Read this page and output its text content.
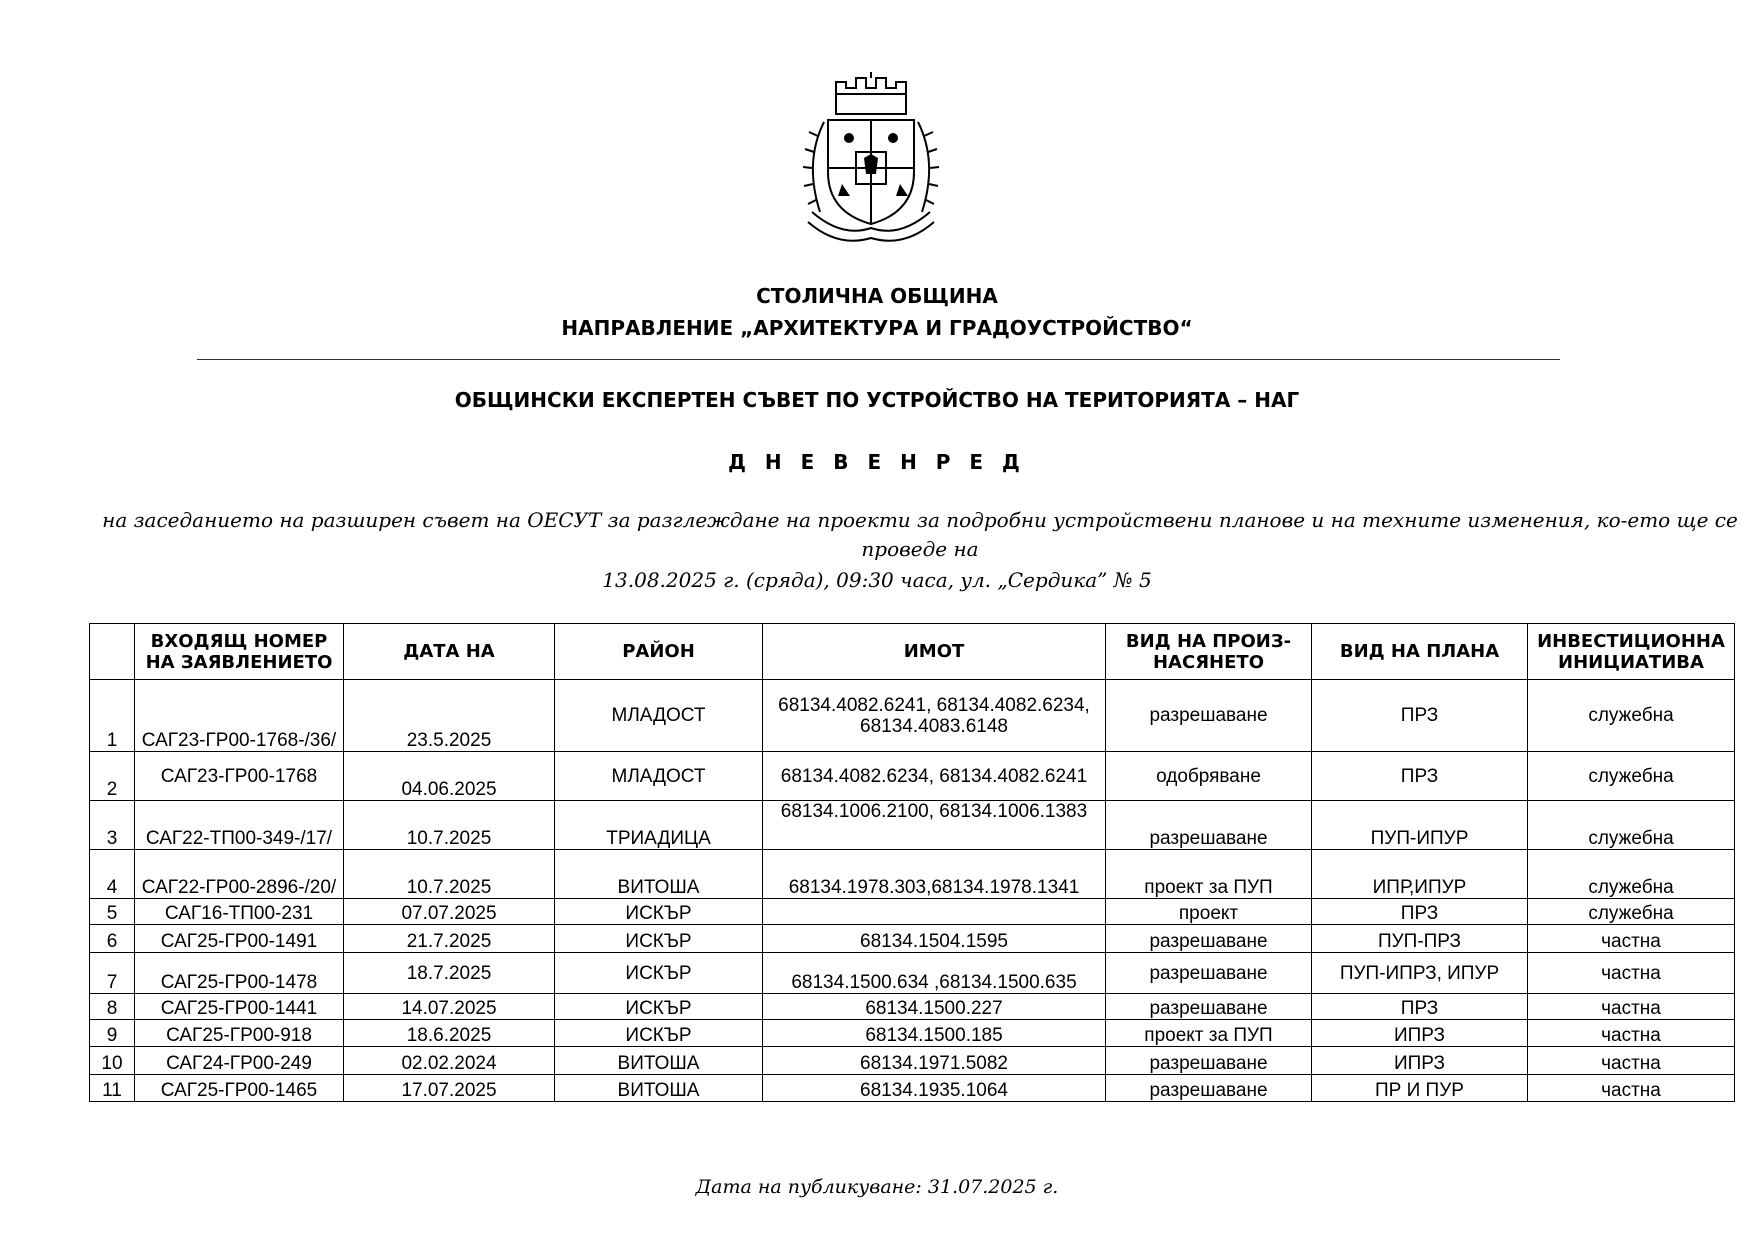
СТОЛИЧНА ОБЩИНА
НАПРАВЛЕНИЕ „АРХИТЕКТУРА И ГРАДОУСТРОЙСТВО“
ОБЩИНСКИ ЕКСПЕРТЕН СЪВЕТ ПО УСТРОЙСТВО НА ТЕРИТОРИЯТА – НАГ
Д Н Е В Е Н Р Е Д
на заседанието на разширен съвет на ОЕСУТ за разглеждане на проекти за подробни устройствени планове и на техните изменения, ко-ето ще се проведе на
13.08.2025 г. (сряда), 09:30 часа, ул. „Сердика” № 5
	ВХОДЯЩ НОМЕР НА ЗАЯВЛЕНИЕТО	ДАТА НА	РАЙОН	ИМОТ	ВИД НА ПРОИЗ-НАСЯНЕТО	ВИД НА ПЛАНА	ИНВЕСТИЦИОННА ИНИЦИАТИВА
1	САГ23-ГР00-1768-/36/	23.5.2025	МЛАДОСТ	68134.4082.6241, 68134.4082.6234, 68134.4083.6148	разрешаване	ПРЗ	служебна
2	САГ23-ГР00-1768	04.06.2025	МЛАДОСТ	68134.4082.6234, 68134.4082.6241	одобряване	ПРЗ	служебна
3	САГ22-ТП00-349-/17/	10.7.2025	ТРИАДИЦА	68134.1006.2100, 68134.1006.1383	разрешаване	ПУП-ИПУР	служебна
4	САГ22-ГР00-2896-/20/	10.7.2025	ВИТОША	68134.1978.303,68134.1978.1341	проект за ПУП	ИПР,ИПУР	служебна
5	САГ16-ТП00-231	07.07.2025	ИСКЪР		проект	ПРЗ	служебна
6	САГ25-ГР00-1491	21.7.2025	ИСКЪР	68134.1504.1595	разрешаване	ПУП-ПРЗ	частна
7	САГ25-ГР00-1478	18.7.2025	ИСКЪР	68134.1500.634 ,68134.1500.635	разрешаване	ПУП-ИПРЗ, ИПУР	частна
8	САГ25-ГР00-1441	14.07.2025	ИСКЪР	68134.1500.227	разрешаване	ПРЗ	частна
9	САГ25-ГР00-918	18.6.2025	ИСКЪР	68134.1500.185	проект за ПУП	ИПРЗ	частна
10	САГ24-ГР00-249	02.02.2024	ВИТОША	68134.1971.5082	разрешаване	ИПРЗ	частна
11	САГ25-ГР00-1465	17.07.2025	ВИТОША	68134.1935.1064	разрешаване	ПР И ПУР	частна
Дата на публикуване: 31.07.2025 г.
